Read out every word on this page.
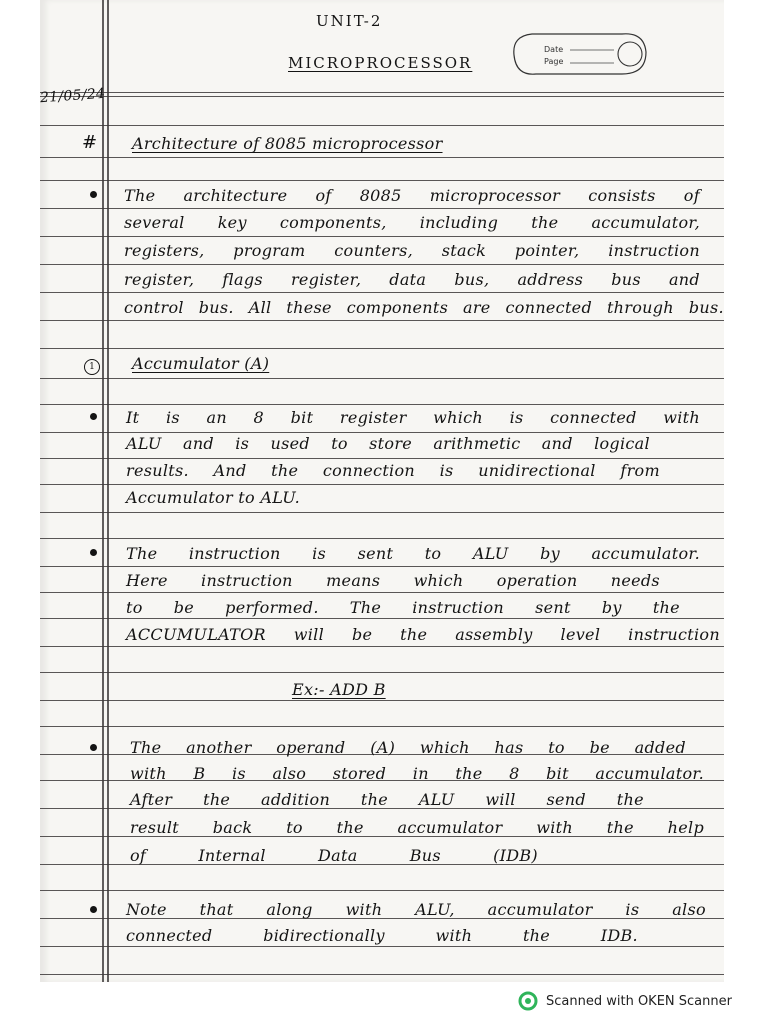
UNIT-2
MICROPROCESSOR
Date
Page
21/05/24
# Architecture of 8085 microprocessor
The architecture of 8085 microprocessor consists of
several key components, including the accumulator,
registers, program counters, stack pointer, instruction
register, flags register, data bus, address bus and
control bus. All these components are connected through bus.
1	Accumulator (A)
It is an 8 bit register which is connected with
ALU and is used to store arithmetic and logical
results. And the connection is unidirectional from
Accumulator to ALU.
The instruction is sent to ALU by accumulator.
Here instruction means which operation needs
to be performed. The instruction sent by the
ACCUMULATOR will be the assembly level instruction
Ex:- ADD B
The another operand (A) which has to be added
with B is also stored in the 8 bit accumulator.
After the addition the ALU will send the
result back to the accumulator with the help
of	Internal	Data	Bus	(IDB)
Note that along with ALU, accumulator is also
connected	bidirectionally	with	the	IDB.
Scanned with OKEN Scanner
